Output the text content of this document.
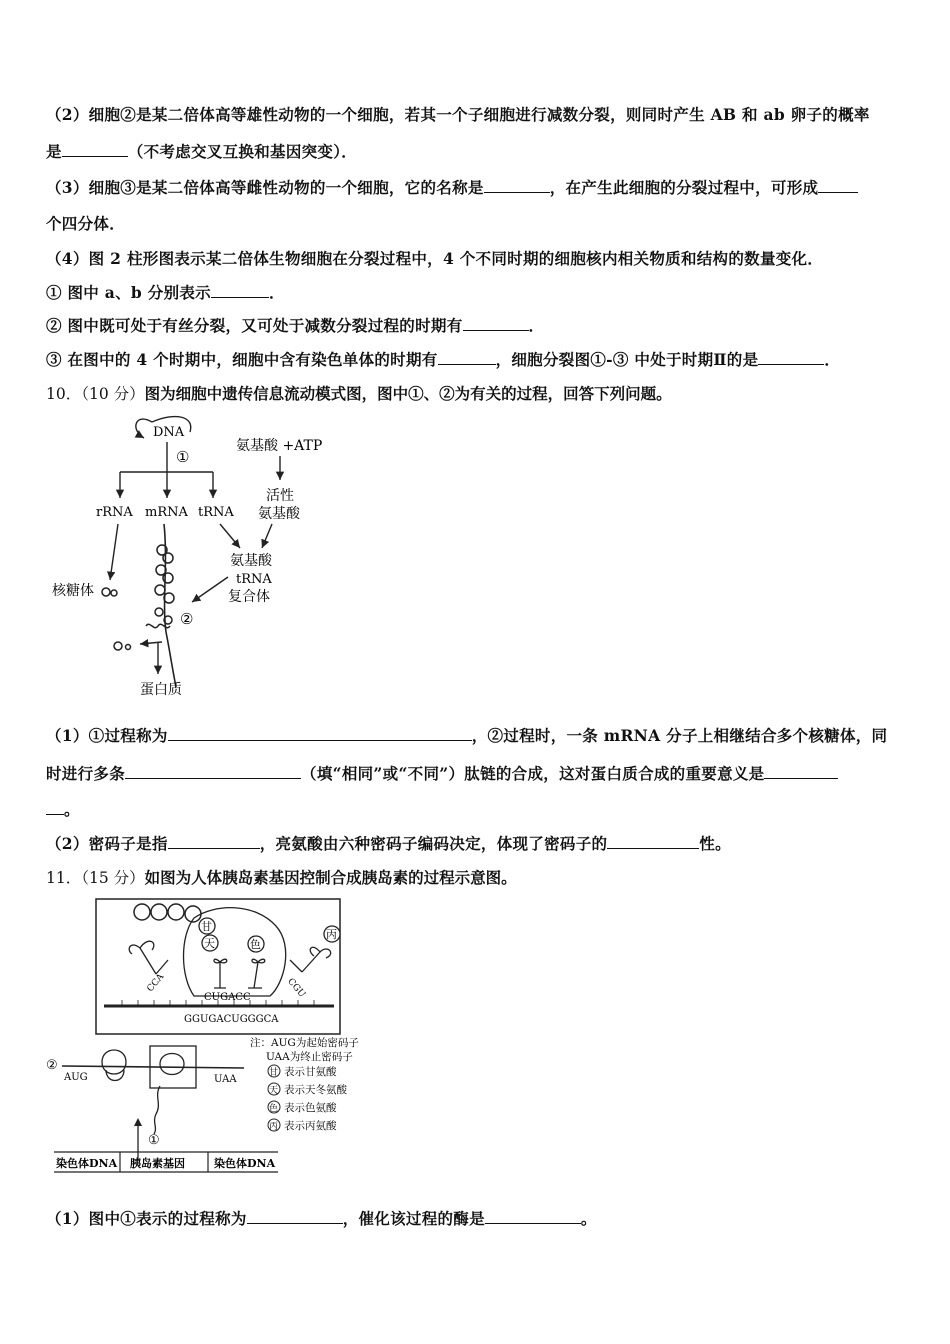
（2）细胞②是某二倍体高等雄性动物的一个细胞，若其一个子细胞进行减数分裂，则同时产生 AB 和 ab 卵子的概率
是	（不考虑交叉互换和基因突变）．
（3）细胞③是某二倍体高等雌性动物的一个细胞，它的名称是	，在产生此细胞的分裂过程中，可形成
个四分体．
（4）图 2 柱形图表示某二倍体生物细胞在分裂过程中，4 个不同时期的细胞核内相关物质和结构的数量变化．
① 图中 a、b 分别表示	．
② 图中既可处于有丝分裂，又可处于减数分裂过程的时期有	．
③ 在图中的 4 个时期中，细胞中含有染色单体的时期有	，细胞分裂图①-③ 中处于时期Ⅱ的是	．
10．（10 分）图为细胞中遗传信息流动模式图，图中①、②为有关的过程，回答下列问题。
DNA
①
rRNA mRNA tRNA
氨基酸 +ATP
活性
氨基酸
氨基酸
tRNA
复合体
核糖体
②
蛋白质
（1）①过程称为	，②过程时，一条 mRNA 分子上相继结合多个核糖体，同
时进行多条	（填“相同”或“不同”）肽链的合成，这对蛋白质合成的重要意义是
。
（2）密码子是指	，亮氨酸由六种密码子编码决定，体现了密码子的	性。
11．（15 分）如图为人体胰岛素基因控制合成胰岛素的过程示意图。
甘
天	色
丙
CCA
CUGACC	CGU
GGUGACUGGGCA
②
AUG	UAA
①
染色体DNA 胰岛素基因	染色体DNA
注：AUG为起始密码子
UAA为终止密码子
甘
天
色
丙
表示甘氨酸
表示天冬氨酸
表示色氨酸
表示丙氨酸
（1）图中①表示的过程称为	，催化该过程的酶是	。
